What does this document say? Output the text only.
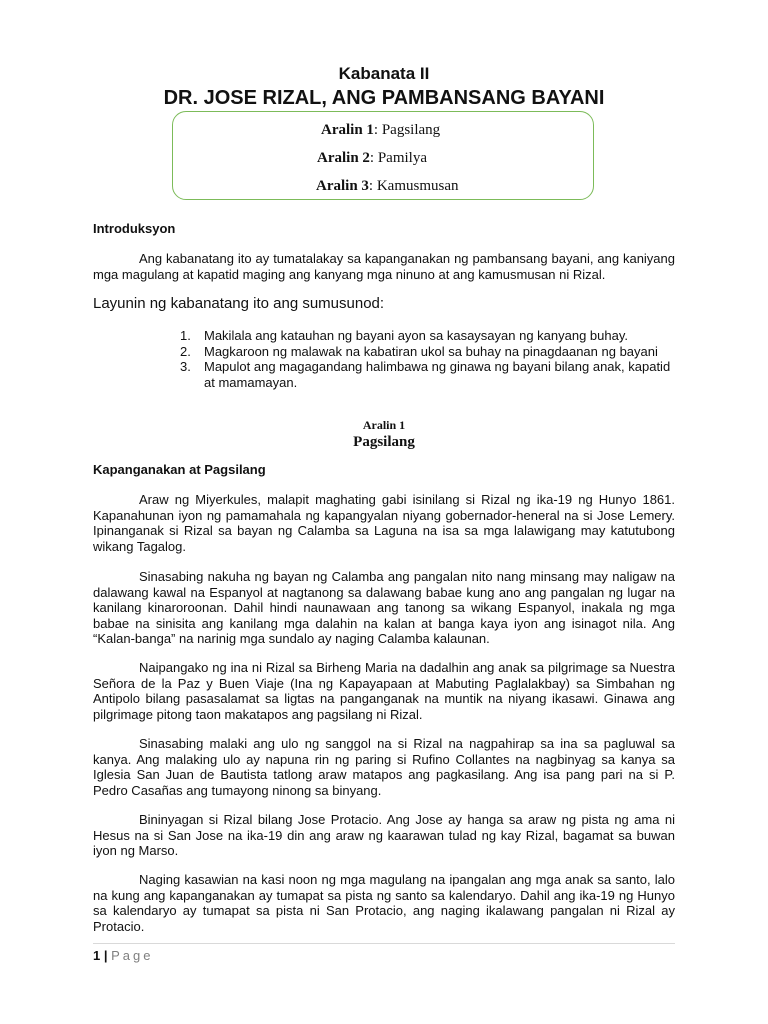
Kabanata II
DR. JOSE RIZAL, ANG PAMBANSANG BAYANI
Aralin 1: Pagsilang
Aralin 2: Pamilya
Aralin 3: Kamusmusan
Introduksyon

Ang kabanatang ito ay tumatalakay sa kapanganakan ng pambansang bayani, ang kaniyang mga magulang at kapatid maging ang kanyang mga ninuno at ang kamusmusan ni Rizal.

Layunin ng kabanatang ito ang sumusunod:
1. Makilala ang katauhan ng bayani ayon sa kasaysayan ng kanyang buhay.
2. Magkaroon ng malawak na kabatiran ukol sa buhay na pinagdaanan ng bayani
3. Mapulot ang magagandang halimbawa ng ginawa ng bayani bilang anak, kapatid at mamamayan.
Aralin 1
Pagsilang
Kapanganakan at Pagsilang

Araw ng Miyerkules, malapit maghating gabi isinilang si Rizal ng ika-19 ng Hunyo 1861. Kapanahunan iyon ng pamamahala ng kapangyalan niyang gobernador-heneral na si Jose Lemery. Ipinanganak si Rizal sa bayan ng Calamba sa Laguna na isa sa mga lalawigang may katutubong wikang Tagalog.

Sinasabing nakuha ng bayan ng Calamba ang pangalan nito nang minsang may naligaw na dalawang kawal na Espanyol at nagtanong sa dalawang babae kung ano ang pangalan ng lugar na kanilang kinaroroonan. Dahil hindi naunawaan ang tanong sa wikang Espanyol, inakala ng mga babae na sinisita ang kanilang mga dalahin na kalan at banga kaya iyon ang isinagot nila. Ang “Kalan-banga” na narinig mga sundalo ay naging Calamba kalaunan.

Naipangako ng ina ni Rizal sa Birheng Maria na dadalhin ang anak sa pilgrimage sa Nuestra Señora de la Paz y Buen Viaje (Ina ng Kapayapaan at Mabuting Paglalakbay) sa Simbahan ng Antipolo bilang pasasalamat sa ligtas na panganganak na muntik na niyang ikasawi. Ginawa ang pilgrimage pitong taon makatapos ang pagsilang ni Rizal.

Sinasabing malaki ang ulo ng sanggol na si Rizal na nagpahirap sa ina sa pagluwal sa kanya. Ang malaking ulo ay napuna rin ng paring si Rufino Collantes na nagbinyag sa kanya sa Iglesia San Juan de Bautista tatlong araw matapos ang pagkasilang. Ang isa pang pari na si P. Pedro Casañas ang tumayong ninong sa binyang.

Bininyagan si Rizal bilang Jose Protacio. Ang Jose ay hanga sa araw ng pista ng ama ni Hesus na si San Jose na ika-19 din ang araw ng kaarawan tulad ng kay Rizal, bagamat sa buwan iyon ng Marso.

Naging kasawian na kasi noon ng mga magulang na ipangalan ang mga anak sa santo, lalo na kung ang kapanganakan ay tumapat sa pista ng santo sa kalendaryo. Dahil ang ika-19 ng Hunyo sa kalendaryo ay tumapat sa pista ni San Protacio, ang naging ikalawang pangalan ni Rizal ay Protacio.

1 | Page
